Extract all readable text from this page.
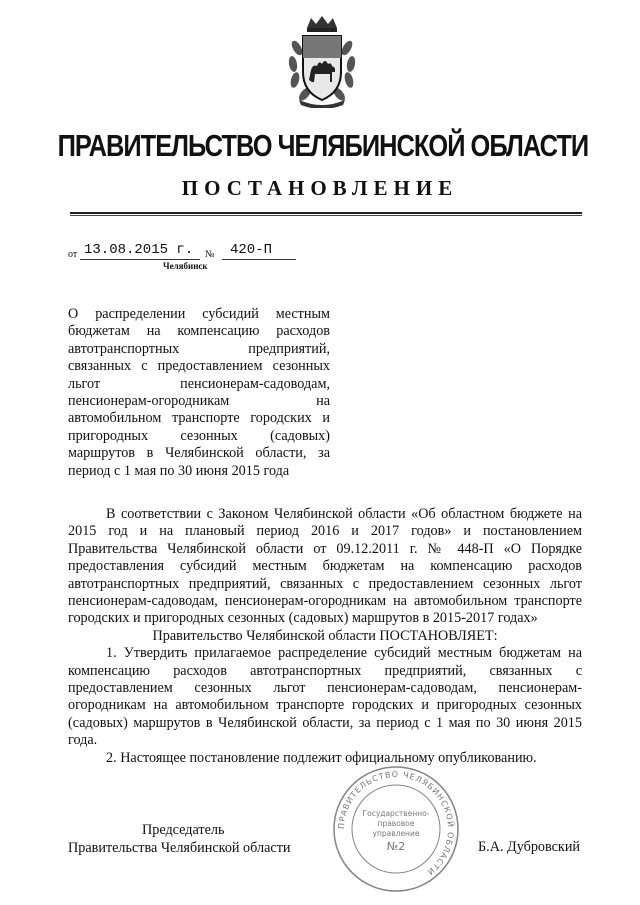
ПРАВИТЕЛЬСТВО ЧЕЛЯБИНСКОЙ ОБЛАСТИ
ПОСТАНОВЛЕНИЕ
от 13.08.2015 г. № 420-П
Челябинск

О распределении субсидий местным бюджетам на компенсацию расходов автотранспортных предприятий, связанных с предоставлением сезонных льгот пенсионерам-садоводам, пенсионерам-огородникам на автомобильном транспорте городских и пригородных сезонных (садовых) маршрутов в Челябинской области, за период с 1 мая по 30 июня 2015 года

В соответствии с Законом Челябинской области «Об областном бюджете на 2015 год и на плановый период 2016 и 2017 годов» и постановлением Правительства Челябинской области от 09.12.2011 г. № 448-П «О Порядке предоставления субсидий местным бюджетам на компенсацию расходов автотранспортных предприятий, связанных с предоставлением сезонных льгот пенсионерам-садоводам, пенсионерам-огородникам на автомобильном транспорте городских и пригородных сезонных (садовых) маршрутов в 2015-2017 годах»

Правительство Челябинской области ПОСТАНОВЛЯЕТ:

1. Утвердить прилагаемое распределение субсидий местным бюджетам на компенсацию расходов автотранспортных предприятий, связанных с предоставлением сезонных льгот пенсионерам-садоводам, пенсионерам-огородникам на автомобильном транспорте городских и пригородных сезонных (садовых) маршрутов в Челябинской области, за период с 1 мая по 30 июня 2015 года.

2. Настоящее постановление подлежит официальному опубликованию.

Председатель
Правительства Челябинской области	Б.А. Дубровский
ПРАВИТЕЛЬСТВО ЧЕЛЯБИНСКОЙ ОБЛАСТИ
Государственно-
правовое
управление
№2
